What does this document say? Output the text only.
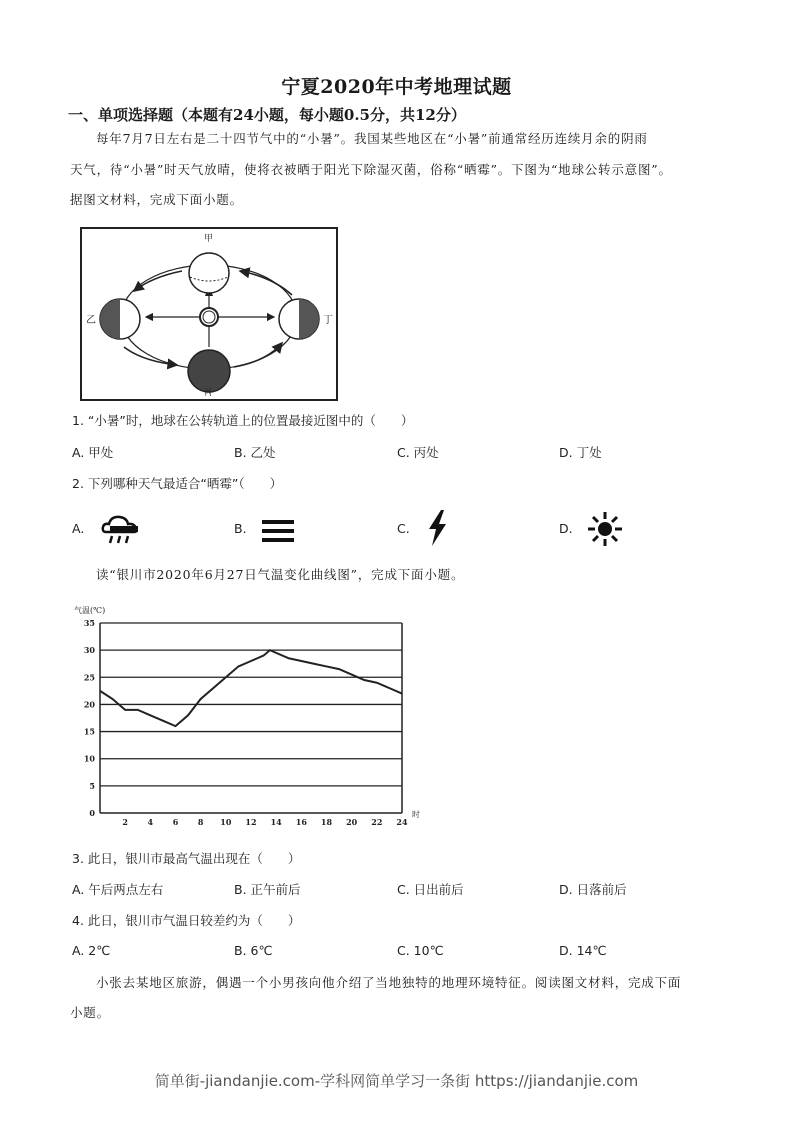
宁夏2020年中考地理试题
一、单项选择题（本题有24小题，每小题0.5分，共12分）
每年7月7日左右是二十四节气中的“小暑”。我国某些地区在“小暑”前通常经历连续月余的阴雨
天气，待“小暑”时天气放晴，使将衣被晒于阳光下除湿灭菌，俗称“晒霉”。下图为“地球公转示意图”。
据图文材料，完成下面小题。
甲
乙
丙
丁
1. “小暑”时，地球在公转轨道上的位置最接近图中的（　　）
A. 甲处	B. 乙处	C. 丙处	D. 丁处
2. 下列哪种天气最适合“晒霉”（　　）
A.	B.	C.	D.
读“银川市2020年6月27日气温变化曲线图”，完成下面小题。
气温(℃)
0
5
10
15
20
25
30
35
2 4 6 8 10 12 14 16 18 20 22 24
时
3. 此日，银川市最高气温出现在（　　）
A. 午后两点左右	B. 正午前后	C. 日出前后	D. 日落前后
4. 此日，银川市气温日较差约为（　　）
A. 2℃	B. 6℃	C. 10℃	D. 14℃
小张去某地区旅游，偶遇一个小男孩向他介绍了当地独特的地理环境特征。阅读图文材料，完成下面
小题。
简单街-jiandanjie.com-学科网简单学习一条街 https://jiandanjie.com
